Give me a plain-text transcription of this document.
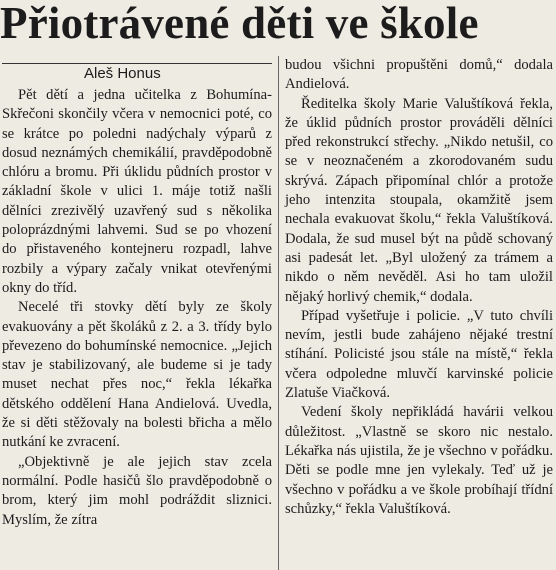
Přiotrávené děti ve škole
Aleš Honus

Pět dětí a jedna učitelka z Bohumína-Skřečoni skončily včera v nemocnici poté, co se krátce po poledni nadýchaly výparů z dosud neznámých chemikálií, pravděpodobně chlóru a bromu. Při úklidu půdních prostor v základní škole v ulici 1. máje totiž našli dělníci zrezivělý uzavřený sud s několika poloprázdnými lahvemi. Sud se po vhození do přistaveného kontejneru rozpadl, lahve rozbily a výpary začaly vnikat otevřenými okny do tříd.

Necelé tři stovky dětí byly ze školy evakuovány a pět školáků z 2. a 3. třídy bylo převezeno do bohumínské nemocnice. „Jejich stav je stabilizovaný, ale budeme si je tady muset nechat přes noc,“ řekla lékařka dětského oddělení Hana Andielová. Uvedla, že si děti stěžovaly na bolesti břicha a mělo nutkání ke zvracení.

„Objektivně je ale jejich stav zcela normální. Podle hasičů šlo pravděpodobně o brom, který jim mohl podráždit sliznici. Myslím, že zítra

budou všichni propuštěni domů,“ dodala Andielová.

Ředitelka školy Marie Valuštíková řekla, že úklid půdních prostor prováděli dělníci před rekonstrukcí střechy. „Nikdo netušil, co se v neoznačeném a zkorodovaném sudu skrývá. Zápach připomínal chlór a protože jeho intenzita stoupala, okamžitě jsem nechala evakuovat školu,“ řekla Valuštíková. Dodala, že sud musel být na půdě schovaný asi padesát let. „Byl uložený za trámem a nikdo o něm nevěděl. Asi ho tam uložil nějaký horlivý chemik,“ dodala.

Případ vyšetřuje i policie. „V tuto chvíli nevím, jestli bude zahájeno nějaké trestní stíhání. Policisté jsou stále na místě,“ řekla včera odpoledne mluvčí karvinské policie Zlatuše Viačková.

Vedení školy nepřikládá havárii velkou důležitost. „Vlastně se skoro nic nestalo. Lékařka nás ujistila, že je všechno v pořádku. Děti se podle mne jen vylekaly. Teď už je všechno v pořádku a ve škole probíhají třídní schůzky,“ řekla Valuštíková.
